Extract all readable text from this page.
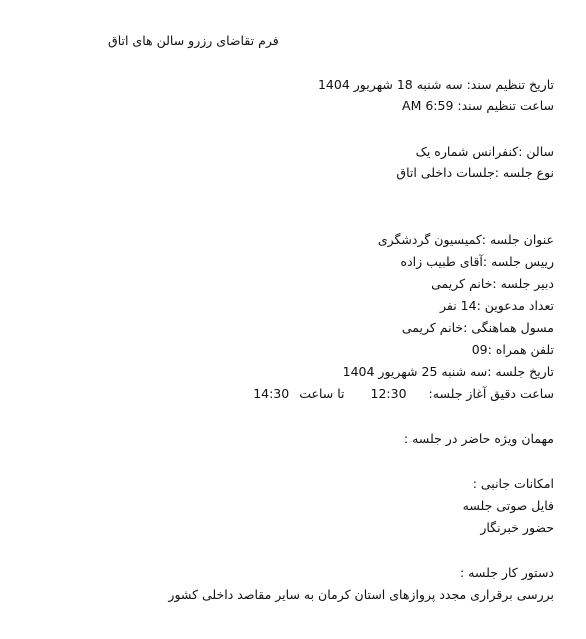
فرم تقاضای رزرو سالن های اتاق
تاریخ تنظیم سند: سه شنبه 18 شهریور 1404
ساعت تنظیم سند: AM 6:59
سالن :کنفرانس شماره یک
نوع جلسه :جلسات داخلی اتاق
عنوان جلسه :کمیسیون گردشگری
رییس جلسه :آقای طبیب زاده
دبیر جلسه :خانم کریمی
تعداد مدعوین :14 نفر
مسول هماهنگی :خانم کریمی
تلفن همراه :09
تاریخ جلسه :سه شنبه 25 شهریور 1404
ساعت دقیق آغاز جلسه:
12:30
تا ساعت
14:30
مهمان ویژه حاضر در جلسه :
امکانات جانبی :
فایل صوتی جلسه
حضور خبرنگار
دستور کار جلسه :
بررسی برقراری مجدد پروازهای استان کرمان به سایر مقاصد داخلی کشور
